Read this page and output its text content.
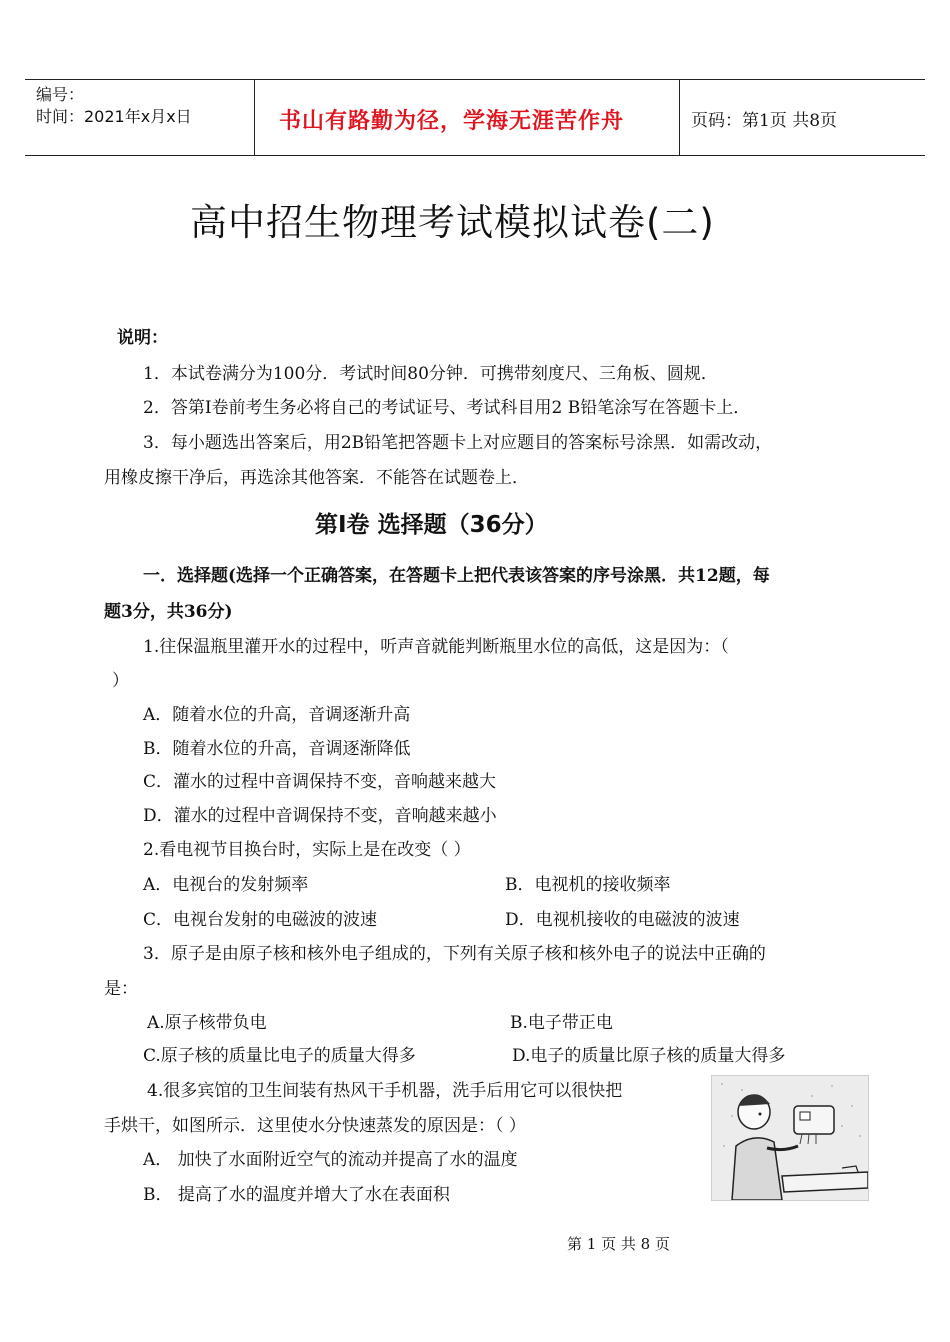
编号：
时间：2021年x月x日	书山有路勤为径，学海无涯苦作舟	页码：第1页 共8页
高中招生物理考试模拟试卷(二)
说明：
1．本试卷满分为100分．考试时间80分钟．可携带刻度尺、三角板、圆规．
2．答第Ⅰ卷前考生务必将自己的考试证号、考试科目用2 B铅笔涂写在答题卡上．
3．每小题选出答案后，用2B铅笔把答题卡上对应题目的答案标号涂黑．如需改动，
用橡皮擦干净后，再选涂其他答案．不能答在试题卷上．
第Ⅰ卷 选择题（36分）
一．选择题(选择一个正确答案，在答题卡上把代表该答案的序号涂黑．共12题，每
题3分，共36分)
1.往保温瓶里灌开水的过程中，听声音就能判断瓶里水位的高低，这是因为：（
）
A．随着水位的升高，音调逐渐升高
B．随着水位的升高，音调逐渐降低
C．灌水的过程中音调保持不变，音响越来越大
D．灌水的过程中音调保持不变，音响越来越小
2.看电视节目换台时，实际上是在改变（ ）
A．电视台的发射频率	B．电视机的接收频率
C．电视台发射的电磁波的波速	D．电视机接收的电磁波的波速
3．原子是由原子核和核外电子组成的，下列有关原子核和核外电子的说法中正确的
是：
A.原子核带负电	B.电子带正电
C.原子核的质量比电子的质量大得多	D.电子的质量比原子核的质量大得多
4.很多宾馆的卫生间装有热风干手机器，洗手后用它可以很快把
手烘干，如图所示．这里使水分快速蒸发的原因是：（ ）
A． 加快了水面附近空气的流动并提高了水的温度
B． 提高了水的温度并增大了水在表面积
第 1 页 共 8 页
